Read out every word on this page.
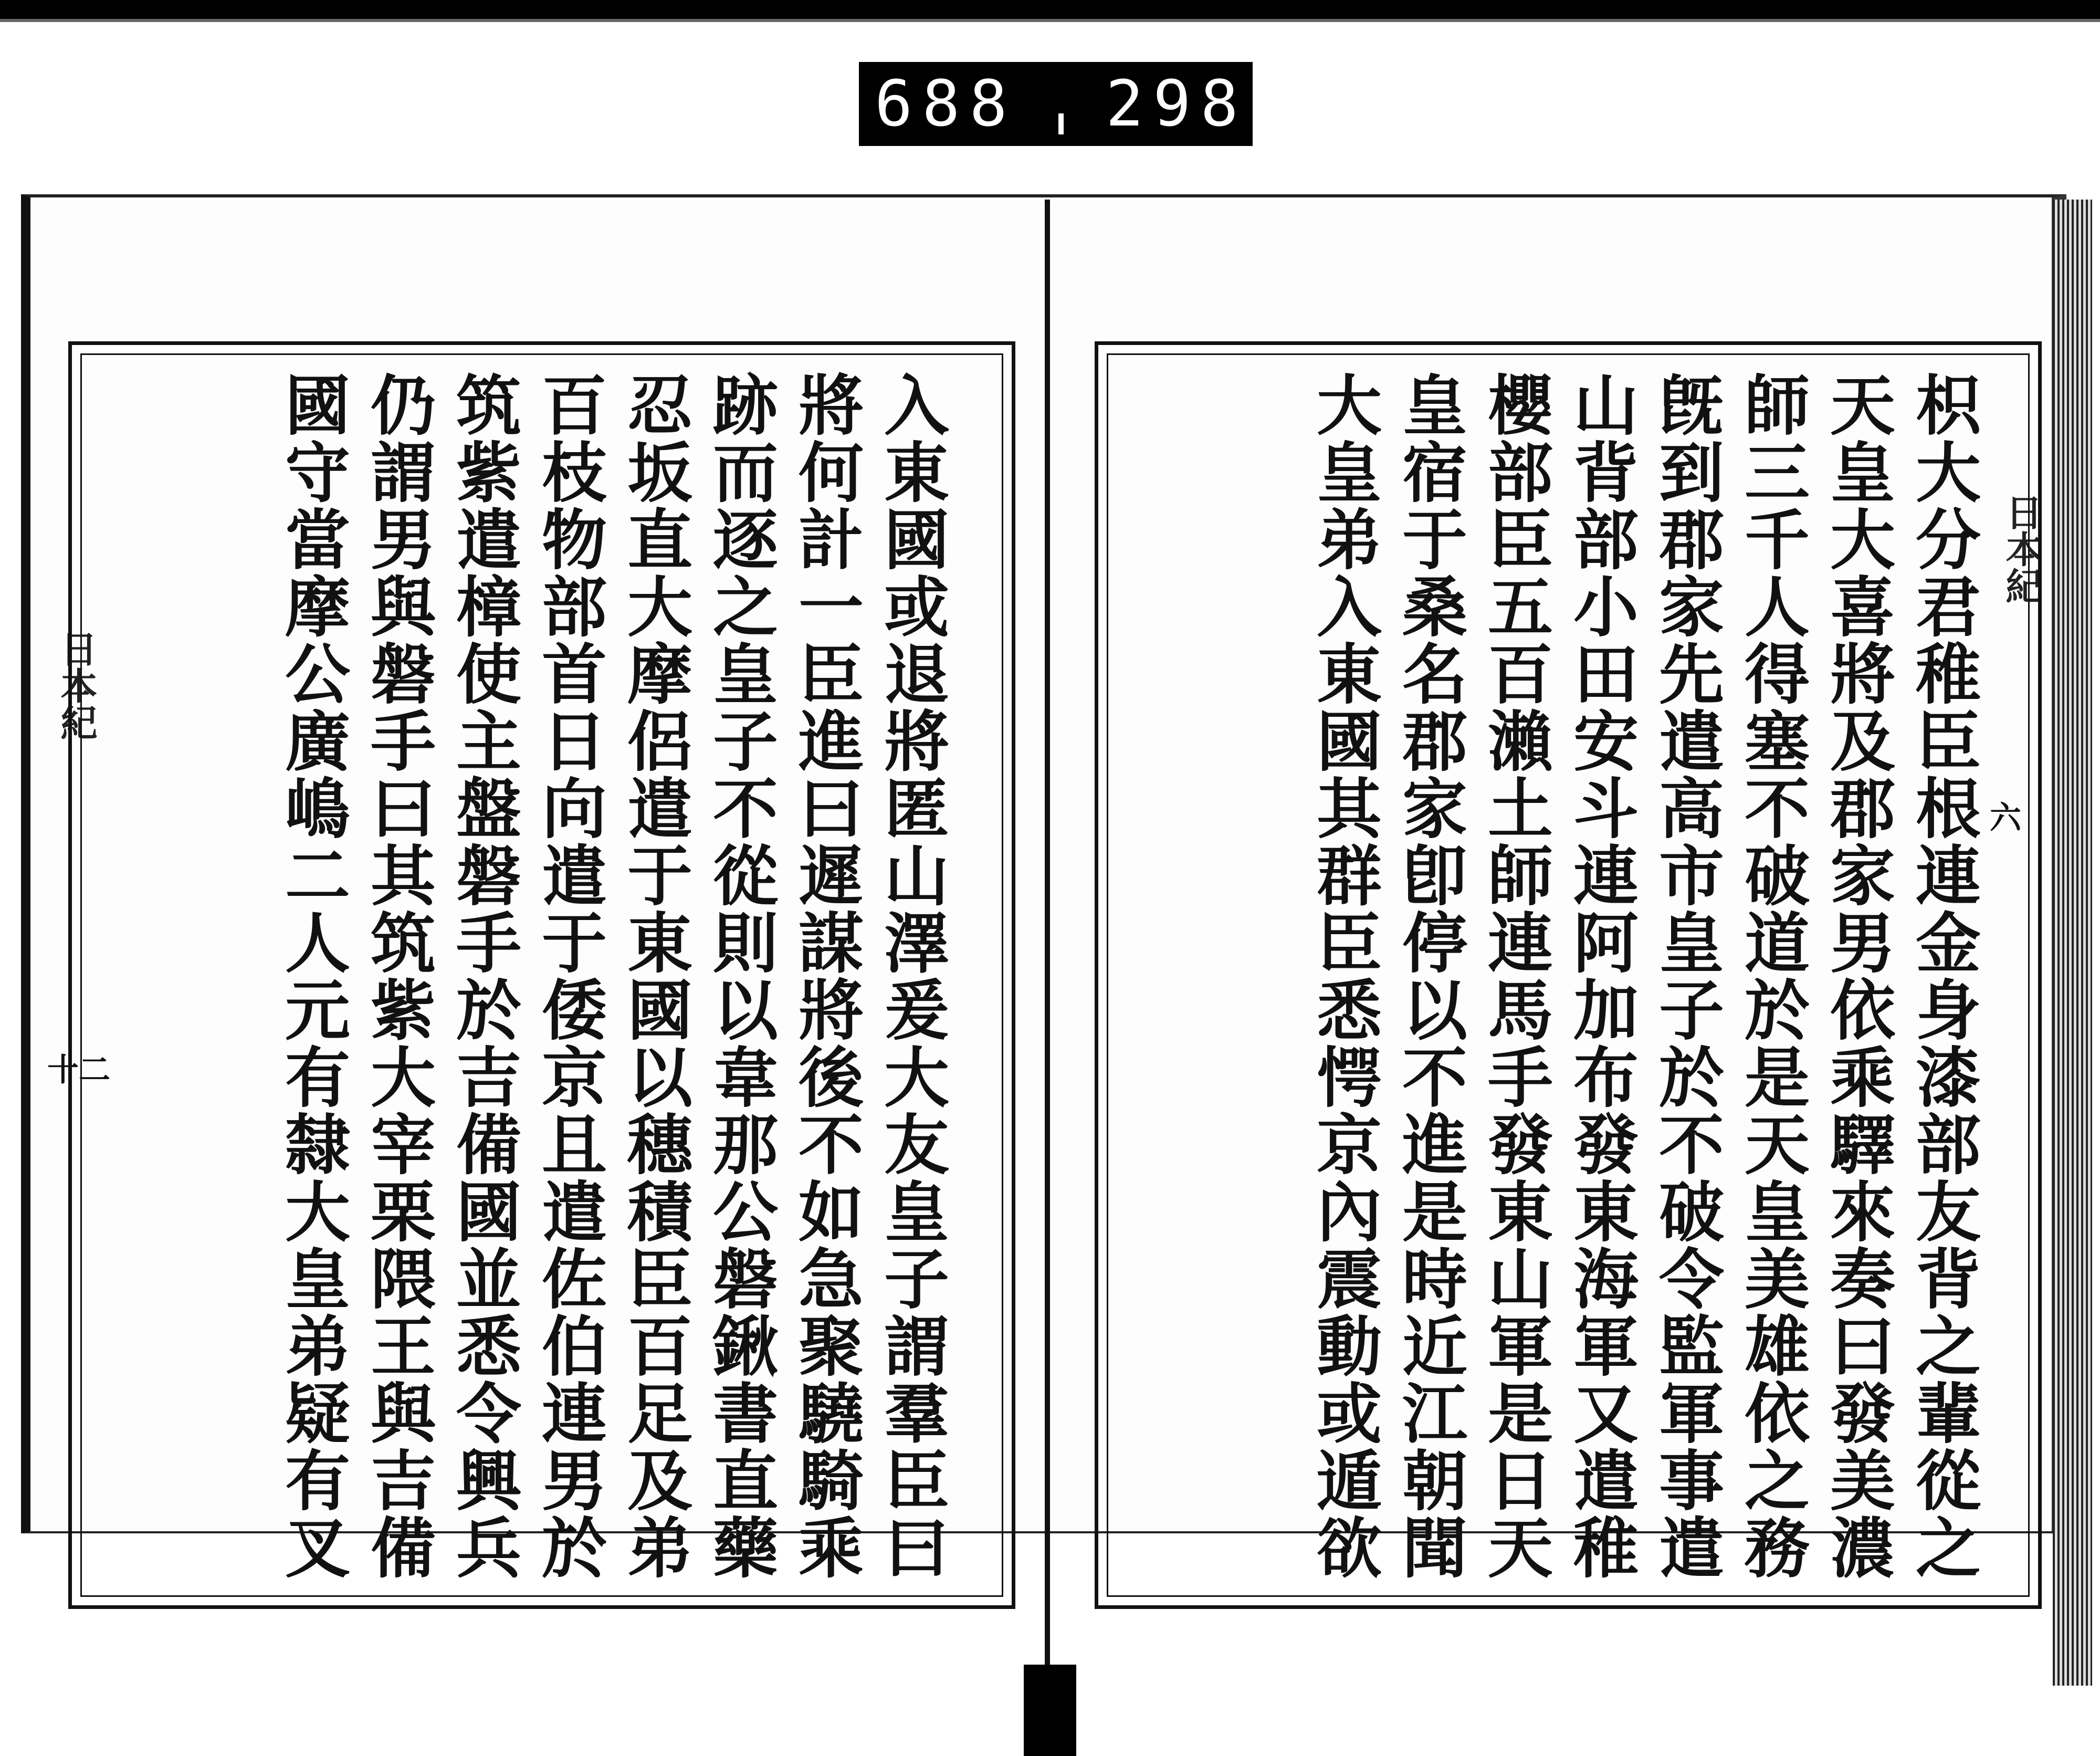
688 298.
日本紀
十二
日本紀
六
入東國或退將匿山澤爰大友皇子謂羣臣曰
將何計一臣進曰遲謀將後不如急聚驍騎乘
跡而逐之皇子不從則以韋那公磐鍬書直藥
忍坂直大摩侶遣于東國以穗積臣百足及弟
百枝物部首日向遣于倭京且遣佐伯連男於
筑紫遣樟使主盤磐手於吉備國並悉令興兵
仍謂男與磐手曰其筑紫大宰栗隈王與吉備
國守當摩公廣嶋二人元有隸大皇弟疑有叉	枳大分君稚臣根連金身漆部友背之輩從之
天皇大喜將及郡家男依乘驛來奏曰發美濃
師三千人得塞不破道於是天皇美雄依之務
旣到郡家先遣高市皇子於不破令監軍事遣
山背部小田安斗連阿加布發東海軍又遣稚
櫻部臣五百瀨土師連馬手發東山軍是日天
皇宿于桑名郡家卽停以不進是時近江朝聞
大皇弟入東國其群臣悉愕京內震動或遁欲
